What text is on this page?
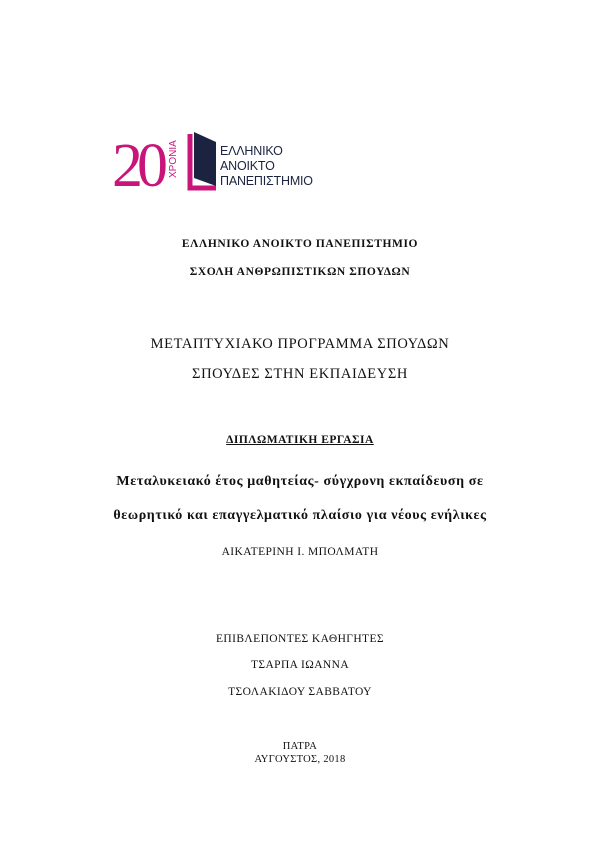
20 ΧΡΟΝΙΑ	ΕΛΛΗΝΙΚΟ
ΑΝΟΙΚΤΟ
ΠΑΝΕΠΙΣΤΗΜΙΟ
ΕΛΛΗΝΙΚΟ ΑΝΟΙΚΤΟ ΠΑΝΕΠΙΣΤΗΜΙΟ
ΣΧΟΛΗ ΑΝΘΡΩΠΙΣΤΙΚΩΝ ΣΠΟΥΔΩΝ
ΜΕΤΑΠΤΥΧΙΑΚΟ ΠΡΟΓΡΑΜΜΑ ΣΠΟΥΔΩΝ
ΣΠΟΥΔΕΣ ΣΤΗΝ ΕΚΠΑΙΔΕΥΣΗ
ΔΙΠΛΩΜΑΤΙΚΗ ΕΡΓΑΣΙΑ
Μεταλυκειακό έτος μαθητείας- σύγχρονη εκπαίδευση σε
θεωρητικό και επαγγελματικό πλαίσιο για νέους ενήλικες
ΑΙΚΑΤΕΡΙΝΗ Ι. ΜΠΟΛΜΑΤΗ
ΕΠΙΒΛΕΠΟΝΤΕΣ ΚΑΘΗΓΗΤΕΣ
ΤΣΑΡΠΑ ΙΩΑΝΝΑ
ΤΣΟΛΑΚΙΔΟΥ ΣΑΒΒΑΤΟΥ
ΠΑΤΡΑ
ΑΥΓΟΥΣΤΟΣ, 2018
